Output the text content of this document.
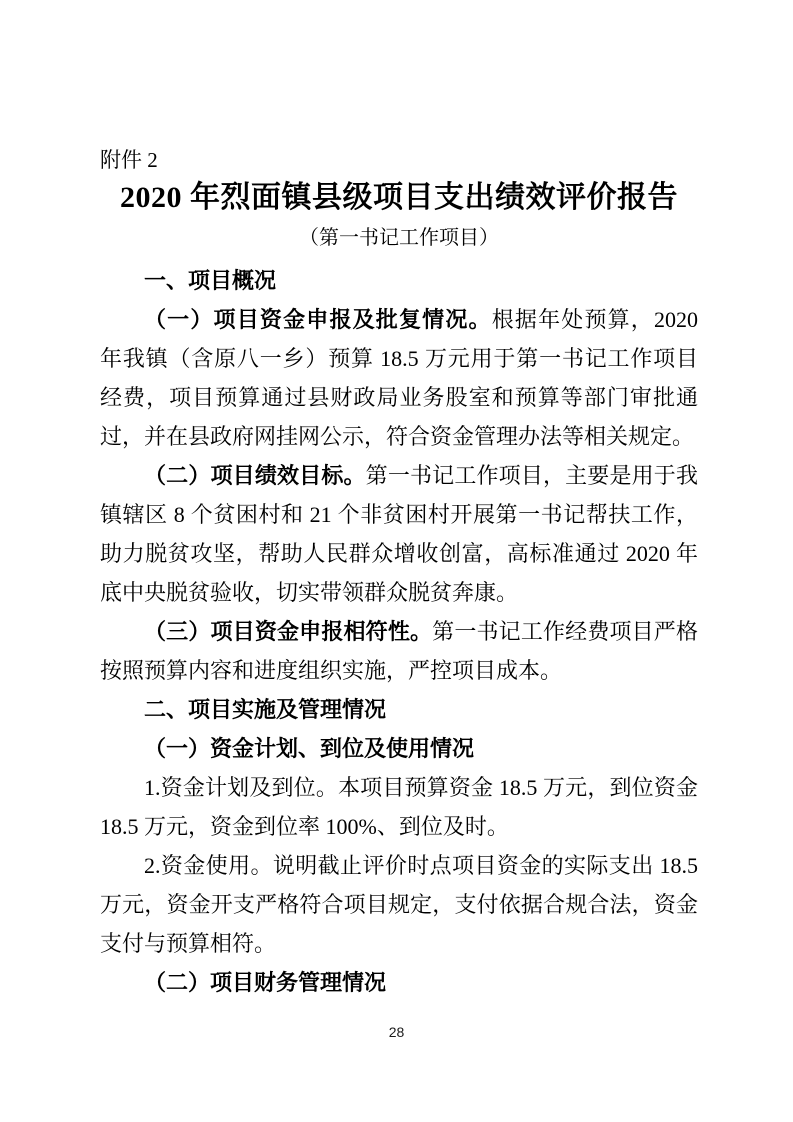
附件 2
2020 年烈面镇县级项目支出绩效评价报告
（第一书记工作项目）
一、项目概况

（一）项目资金申报及批复情况。根据年处预算，2020 年我镇（含原八一乡）预算 18.5 万元用于第一书记工作项目经费，项目预算通过县财政局业务股室和预算等部门审批通过，并在县政府网挂网公示，符合资金管理办法等相关规定。

（二）项目绩效目标。第一书记工作项目，主要是用于我镇辖区 8 个贫困村和 21 个非贫困村开展第一书记帮扶工作，助力脱贫攻坚，帮助人民群众增收创富，高标准通过 2020 年底中央脱贫验收，切实带领群众脱贫奔康。

（三）项目资金申报相符性。第一书记工作经费项目严格按照预算内容和进度组织实施，严控项目成本。

二、项目实施及管理情况
（一）资金计划、到位及使用情况

1.资金计划及到位。本项目预算资金 18.5 万元，到位资金 18.5 万元，资金到位率 100%、到位及时。

2.资金使用。说明截止评价时点项目资金的实际支出 18.5 万元，资金开支严格符合项目规定，支付依据合规合法，资金支付与预算相符。

（二）项目财务管理情况
28
